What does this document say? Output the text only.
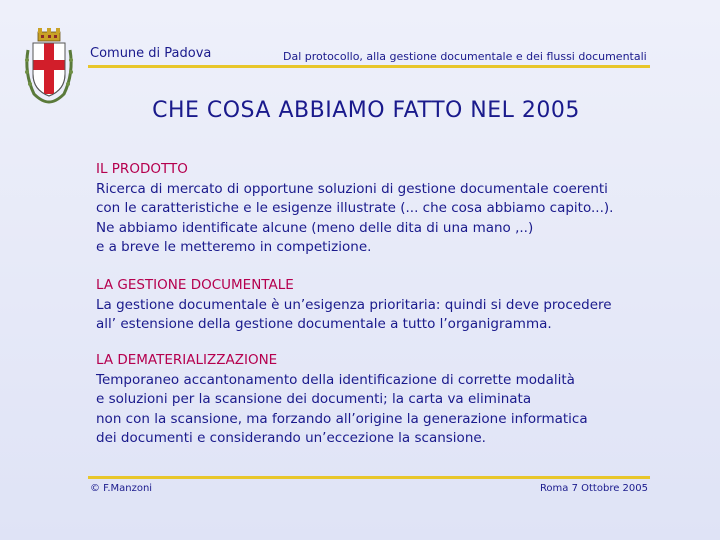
Comune di Padova	Dal protocollo, alla gestione documentale e dei flussi documentali
CHE COSA ABBIAMO FATTO NEL 2005
IL PRODOTTO
Ricerca di mercato di opportune soluzioni di gestione documentale coerenti
con le caratteristiche e le esigenze illustrate (... che cosa abbiamo capito...).
Ne abbiamo identificate alcune (meno delle dita di una mano ,..)
e a breve le metteremo in competizione.
LA GESTIONE DOCUMENTALE
La gestione documentale è un’esigenza prioritaria: quindi si deve procedere
all’ estensione della gestione documentale a tutto l’organigramma.
LA DEMATERIALIZZAZIONE
Temporaneo accantonamento della identificazione di corrette modalità
e soluzioni per la scansione dei documenti; la carta va eliminata
non con la scansione, ma forzando all’origine la generazione informatica
dei documenti e considerando un’eccezione la scansione.
© F.Manzoni	Roma 7 Ottobre 2005
